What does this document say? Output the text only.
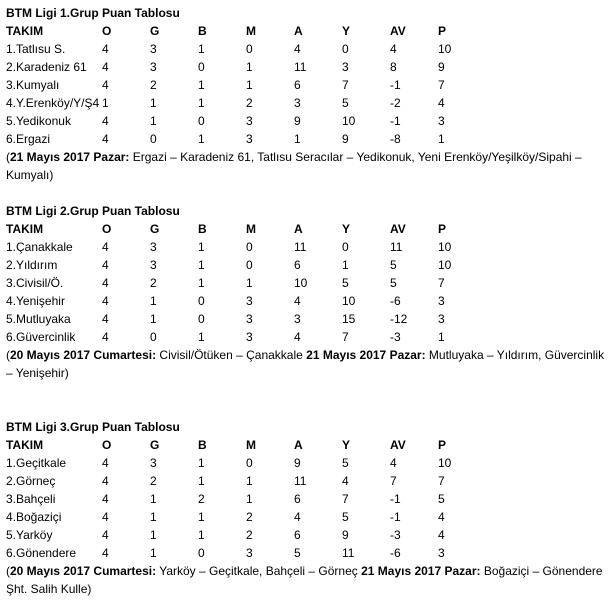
BTM Ligi 1.Grup Puan Tablosu
TAKIM	O	G	B	M	A	Y	AV	P
1.Tatlısu S.	4	3	1	0	4	0	4	10
2.Karadeniz 61 4	3	0	1	11	3	8	9
3.Kumyalı	4	2	1	1	6	7	-1	7
4.Y.Erenköy/Y/Ş4 1	1	1	2	3	5	-2	4
5.Yedikonuk	4	1	0	3	9	10	-1	3
6.Ergazi	4	0	1	3	1	9	-8	1
(21 Mayıs 2017 Pazar: Ergazi – Karadeniz 61, Tatlısu Seracılar – Yedikonuk, Yeni Erenköy/Yeşilköy/Sipahi – Kumyalı)
BTM Ligi 2.Grup Puan Tablosu
TAKIM	O	G	B	M	A	Y	AV	P
1.Çanakkale 4	3	1	0	11	0	11	10
2.Yıldırım	4	3	1	0	6	1	5	10
3.Civisil/Ö.	4	2	1	1	10	5	5	7
4.Yenişehir	4	1	0	3	4	10	-6	3
5.Mutluyaka	4	1	0	3	3	15	-12	3
6.Güvercinlik 4	0	1	3	4	7	-3	1
(20 Mayıs 2017 Cumartesi: Civisil/Ötüken – Çanakkale 21 Mayıs 2017 Pazar: Mutluyaka – Yıldırım, Güvercinlik – Yenişehir)
BTM Ligi 3.Grup Puan Tablosu
TAKIM	O	G	B	M	A	Y	AV	P
1.Geçitkale	4	3	1	0	9	5	4	10
2.Görneç	4	2	1	1	11	4	7	7
3.Bahçeli	4	1	2	1	6	7	-1	5
4.Boğaziçi	4	1	1	2	4	5	-1	4
5.Yarköy	4	1	1	2	6	9	-3	4
6.Gönendere 4	1	0	3	5	11	-6	3
(20 Mayıs 2017 Cumartesi: Yarköy – Geçitkale, Bahçeli – Görneç 21 Mayıs 2017 Pazar: Boğaziçi – Gönendere Şht. Salih Kulle)
